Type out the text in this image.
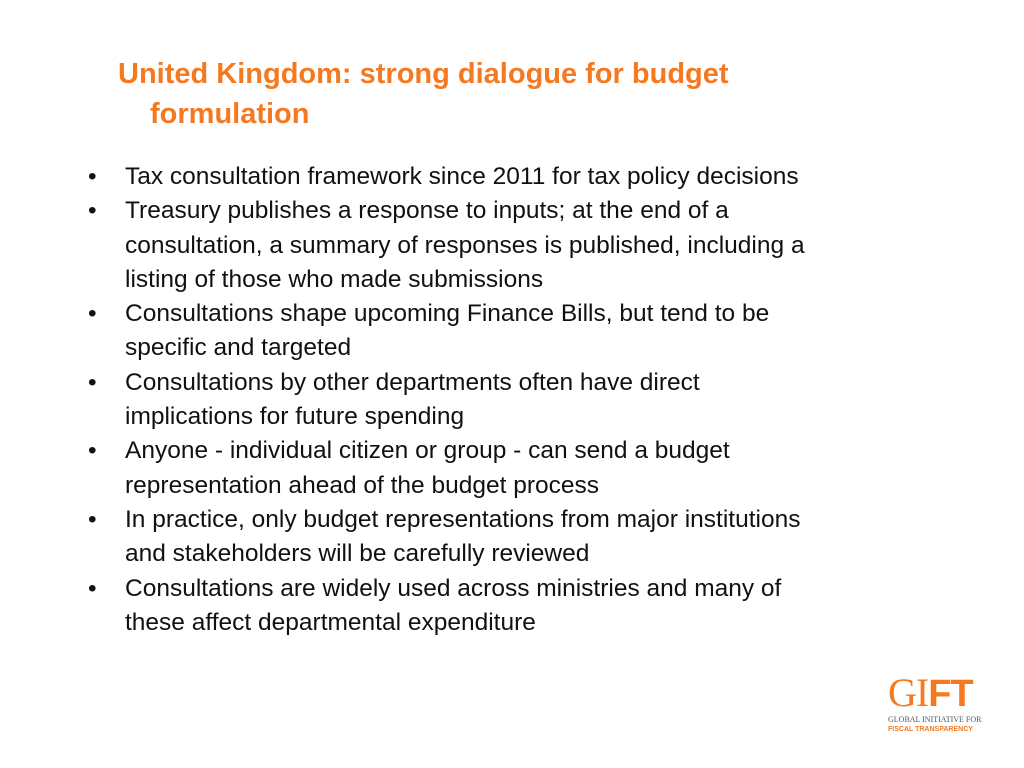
United Kingdom: strong dialogue for budget
formulation
•	Tax consultation framework since 2011 for tax policy decisions
•	Treasury publishes a response to inputs; at the end of a
consultation, a summary of responses is published, including a
listing of those who made submissions
•	Consultations shape upcoming Finance Bills, but tend to be
specific and targeted
•	Consultations by other departments often have direct
implications for future spending
•	Anyone - individual citizen or group - can send a budget
representation ahead of the budget process
•	In practice, only budget representations from major institutions
and stakeholders will be carefully reviewed
•	Consultations are widely used across ministries and many of
these affect departmental expenditure
GIFT
GLOBAL INITIATIVE FOR
FISCAL TRANSPARENCY
